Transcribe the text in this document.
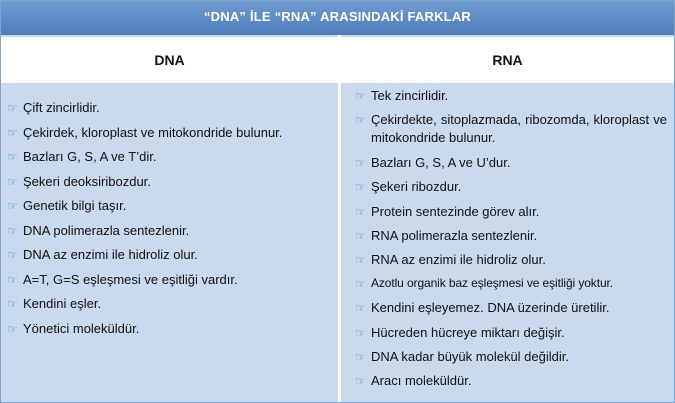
“DNA” İLE “RNA” ARASINDAKİ FARKLAR
DNA	RNA
☞ Çift zincirlidir.
☞ Çekirdek, kloroplast ve mitokondride bulunur.
☞ Bazları G, S, A ve T’dir.
☞ Şekeri deoksiribozdur.
☞ Genetik bilgi taşır.
☞ DNA polimerazla sentezlenir.
☞ DNA az enzimi ile hidroliz olur.
☞ A=T, G=S eşleşmesi ve eşitliği vardır.
☞ Kendini eşler.
☞ Yönetici moleküldür.
☞ Tek zincirlidir.
☞ Çekirdekte, sitoplazmada, ribozomda, kloroplast ve mitokondride bulunur.
☞ Bazları G, S, A ve U’dur.
☞ Şekeri ribozdur.
☞ Protein sentezinde görev alır.
☞ RNA polimerazla sentezlenir.
☞ RNA az enzimi ile hidroliz olur.
☞ Azotlu organik baz eşleşmesi ve eşitliği yoktur.
☞ Kendini eşleyemez. DNA üzerinde üretilir.
☞ Hücreden hücreye miktarı değişir.
☞ DNA kadar büyük molekül değildir.
☞ Aracı moleküldür.
